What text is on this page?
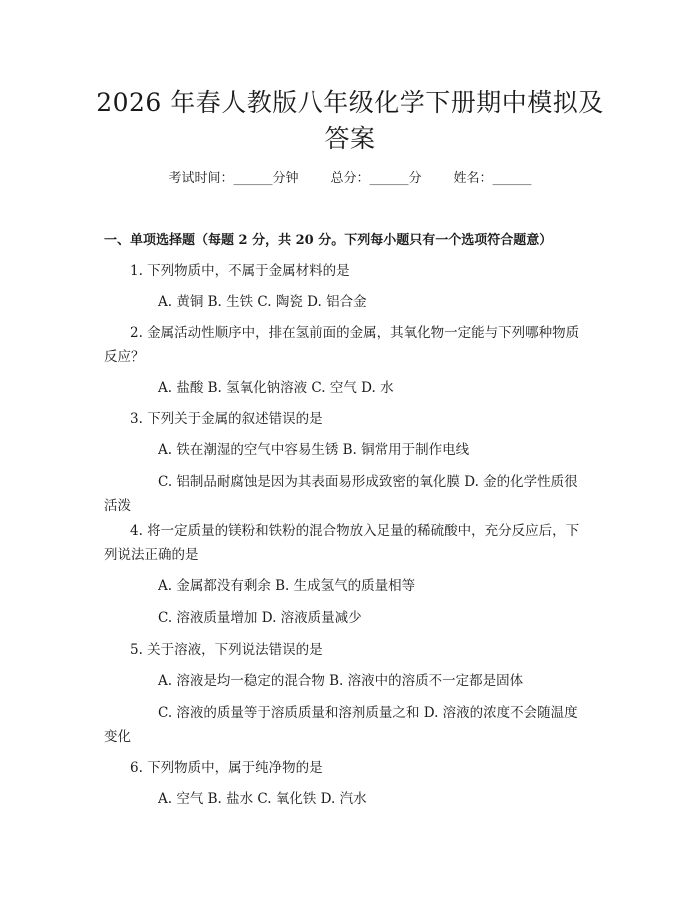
2026 年春人教版八年级化学下册期中模拟及
答案
考试时间：______分钟 总分：______分 姓名：______
一、单项选择题（每题 2 分，共 20 分。下列每小题只有一个选项符合题意）
1. 下列物质中，不属于金属材料的是
A. 黄铜 B. 生铁 C. 陶瓷 D. 铝合金
2. 金属活动性顺序中，排在氢前面的金属，其氧化物一定能与下列哪种物质
反应？
A. 盐酸 B. 氢氧化钠溶液 C. 空气 D. 水
3. 下列关于金属的叙述错误的是
A. 铁在潮湿的空气中容易生锈 B. 铜常用于制作电线
C. 铝制品耐腐蚀是因为其表面易形成致密的氧化膜 D. 金的化学性质很
活泼
4. 将一定质量的镁粉和铁粉的混合物放入足量的稀硫酸中，充分反应后，下
列说法正确的是
A. 金属都没有剩余 B. 生成氢气的质量相等
C. 溶液质量增加 D. 溶液质量减少
5. 关于溶液，下列说法错误的是
A. 溶液是均一稳定的混合物 B. 溶液中的溶质不一定都是固体
C. 溶液的质量等于溶质质量和溶剂质量之和 D. 溶液的浓度不会随温度
变化
6. 下列物质中，属于纯净物的是
A. 空气 B. 盐水 C. 氧化铁 D. 汽水
